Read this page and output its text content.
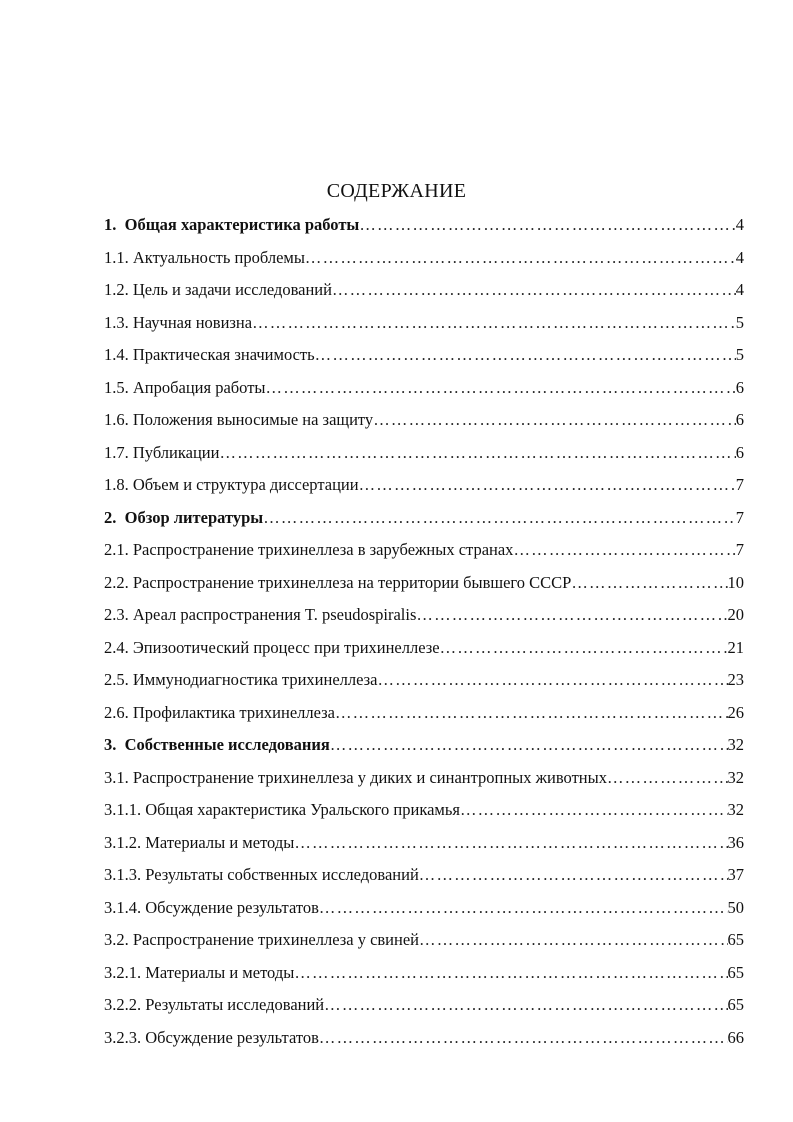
СОДЕРЖАНИЕ
1. Общая характеристика работы ……………………………………………………………………………………………………………………………………………………	4
1.1. Актуальность проблемы ……………………………………………………………………………………………………………………………………………………	4
1.2. Цель и задачи исследований ……………………………………………………………………………………………………………………………………………………	4
1.3. Научная новизна ……………………………………………………………………………………………………………………………………………………	5
1.4. Практическая значимость ……………………………………………………………………………………………………………………………………………………	5
1.5. Апробация работы ……………………………………………………………………………………………………………………………………………………	6
1.6. Положения выносимые на защиту ……………………………………………………………………………………………………………………………………………………	6
1.7. Публикации ……………………………………………………………………………………………………………………………………………………	6
1.8. Объем и структура диссертации ……………………………………………………………………………………………………………………………………………………	7
2. Обзор литературы ……………………………………………………………………………………………………………………………………………………	7
2.1. Распространение трихинеллеза в зарубежных странах ……………………………………………………………………………………………………………………………………………………	7
2.2. Распространение трихинеллеза на территории бывшего СССР ……………………………………………………………………………………………………………………………………………………	10
2.3. Ареал распространения T. pseudospiralis ……………………………………………………………………………………………………………………………………………………	20
2.4. Эпизоотический процесс при трихинеллезе ……………………………………………………………………………………………………………………………………………………	21
2.5. Иммунодиагностика трихинеллеза ……………………………………………………………………………………………………………………………………………………	23
2.6. Профилактика трихинеллеза ……………………………………………………………………………………………………………………………………………………	26
3. Собственные исследования ……………………………………………………………………………………………………………………………………………………	32
3.1. Распространение трихинеллеза у диких и синантропных животных ……………………………………………………………………………………………………………………………………………………	32
3.1.1. Общая характеристика Уральского прикамья ……………………………………………………………………………………………………………………………………………………	32
3.1.2. Материалы и методы ……………………………………………………………………………………………………………………………………………………	36
3.1.3. Результаты собственных исследований ……………………………………………………………………………………………………………………………………………………	37
3.1.4. Обсуждение результатов ……………………………………………………………………………………………………………………………………………………	50
3.2. Распространение трихинеллеза у свиней ……………………………………………………………………………………………………………………………………………………	65
3.2.1. Материалы и методы ……………………………………………………………………………………………………………………………………………………	65
3.2.2. Результаты исследований ……………………………………………………………………………………………………………………………………………………	65
3.2.3. Обсуждение результатов ……………………………………………………………………………………………………………………………………………………	66
